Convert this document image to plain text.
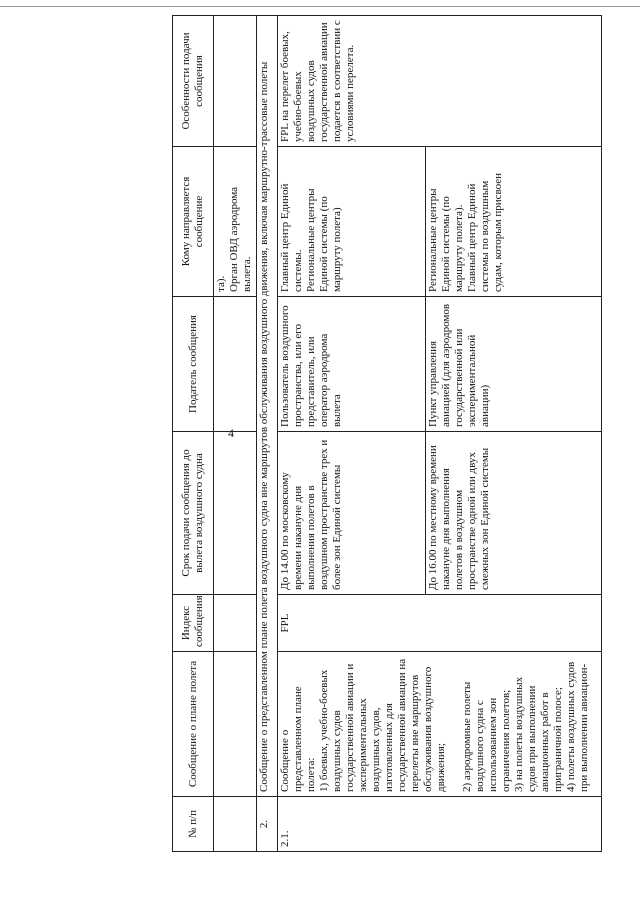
4
№ п/п	Сообщение о плане полета	Индекс сообщения	Срок подачи сообщения до вылета воздушного судна	Податель сообщения	Кому направляется сообщение	Особенности подачи сообщения
					та).
Орган ОВД аэродрома вылета.	
2.	Сообщение о представленном плане полета воздушного судна вне маршрутов обслуживания воздушного движения, включая маршрутно-трассовые полеты					
2.1.	Сообщение о представленном плане полета:
1) боевых, учебно-боевых воздушных судов государственной авиации и экспериментальных воздушных судов, изготовленных для государственной авиации на перелеты вне маршрутов обслуживания воздушного движения;

2) аэродромные полеты воздушного судна с использованием зон ограничения полетов;
3) на полеты воздушных судов при выполнении авиационных работ в приграничной полосе;
4) полеты воздушных судов при выполнении авиацион-	FPL	До 14.00 по московскому времени накануне дня выполнения полетов в воздушном пространстве трех и более зон Единой системы	Пользователь воздушного пространства, или его представитель, или оператор аэродрома вылета	Главный центр Единой системы.
Региональные центры Единой системы (по маршруту полета)	FPL на перелет боевых, учебно-боевых воздушных судов государственной авиации подается в соответствии с условиями перелета.
			До 16.00 по местному времени накануне дня выполнения полетов в воздушном пространстве одной или двух смежных зон Единой системы	Пункт управления авиацией (для аэродромов государственной или экспериментальной авиации)	Региональные центры Единой системы (по маршруту полета).
Главный центр Единой системы по воздушным судам, которым присвоен	
